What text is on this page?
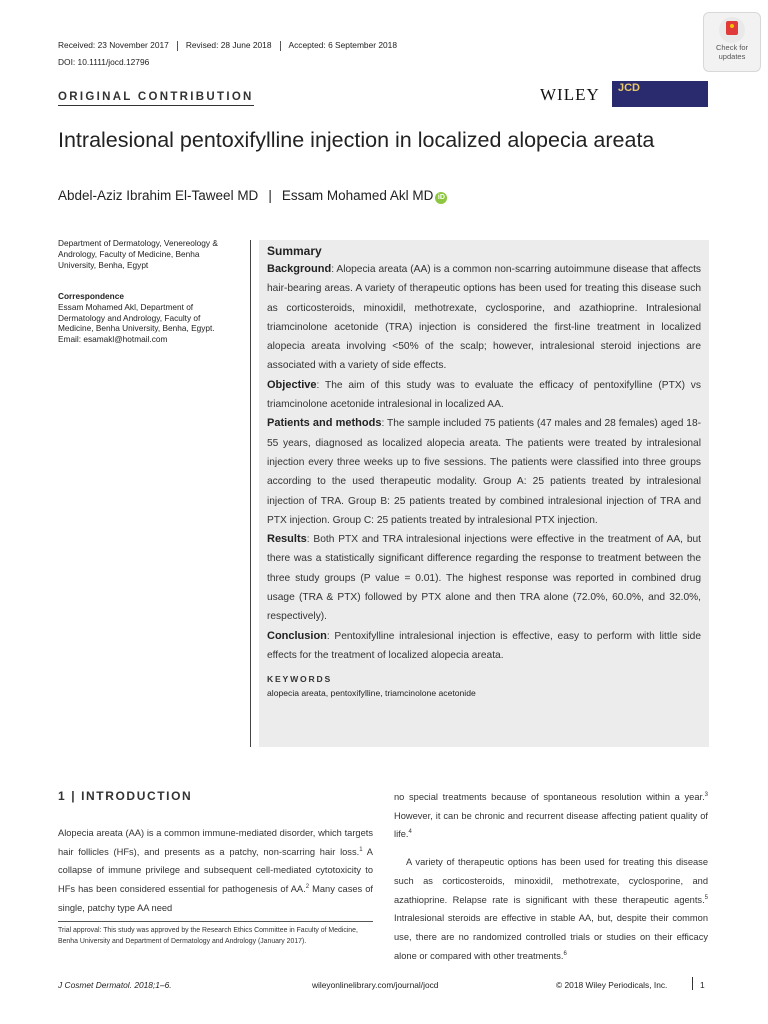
Received: 23 November 2017 Revised: 28 June 2018 Accepted: 6 September 2018
DOI: 10.1111/jocd.12796
Check for
updates
ORIGINAL CONTRIBUTION	WILEY JCD
Intralesional pentoxifylline injection in localized alopecia areata
Abdel-Aziz Ibrahim El-Taweel MD | Essam Mohamed Akl MD iD
Department of Dermatology, Venereology & Andrology, Faculty of Medicine, Benha University, Benha, Egypt
Correspondence
Essam Mohamed Akl, Department of Dermatology and Andrology, Faculty of Medicine, Benha University, Benha, Egypt.
Email: esamakl@hotmail.com
Summary

Background: Alopecia areata (AA) is a common non-scarring autoimmune disease that affects hair-bearing areas. A variety of therapeutic options has been used for treating this disease such as corticosteroids, minoxidil, methotrexate, cyclosporine, and azathioprine. Intralesional triamcinolone acetonide (TRA) injection is considered the first-line treatment in localized alopecia areata involving <50% of the scalp; however, intralesional steroid injections are associated with a variety of side effects.

Objective: The aim of this study was to evaluate the efficacy of pentoxifylline (PTX) vs triamcinolone acetonide intralesional in localized AA.

Patients and methods: The sample included 75 patients (47 males and 28 females) aged 18-55 years, diagnosed as localized alopecia areata. The patients were treated by intralesional injection every three weeks up to five sessions. The patients were classified into three groups according to the used therapeutic modality. Group A: 25 patients treated by intralesional injection of TRA. Group B: 25 patients treated by combined intralesional injection of TRA and PTX injection. Group C: 25 patients treated by intralesional PTX injection.

Results: Both PTX and TRA intralesional injections were effective in the treatment of AA, but there was a statistically significant difference regarding the response to treatment between the three study groups (P value = 0.01). The highest response was reported in combined drug usage (TRA & PTX) followed by PTX alone and then TRA alone (72.0%, 60.0%, and 32.0%, respectively).

Conclusion: Pentoxifylline intralesional injection is effective, easy to perform with little side effects for the treatment of localized alopecia areata.

KEYWORDS
alopecia areata, pentoxifylline, triamcinolone acetonide
1 | INTRODUCTION

Alopecia areata (AA) is a common immune-mediated disorder, which targets hair follicles (HFs), and presents as a patchy, non-scarring hair loss.$^1$ A collapse of immune privilege and subsequent cell-mediated cytotoxicity to HFs has been considered essential for pathogenesis of AA.$^2$ Many cases of single, patchy type AA need

no special treatments because of spontaneous resolution within a year.$^3$ However, it can be chronic and recurrent disease affecting patient quality of life.$^4$

A variety of therapeutic options has been used for treating this disease such as corticosteroids, minoxidil, methotrexate, cyclosporine, and azathioprine. Relapse rate is significant with these therapeutic agents.$^5$ Intralesional steroids are effective in stable AA, but, despite their common use, there are no randomized controlled trials or studies on their efficacy alone or compared with other treatments.$^6$

Trial approval: This study was approved by the Research Ethics Committee in Faculty of Medicine, Benha University and Department of Dermatology and Andrology (January 2017).
J Cosmet Dermatol. 2018;1–6.	wileyonlinelibrary.com/journal/jocd	© 2018 Wiley Periodicals, Inc.	1
